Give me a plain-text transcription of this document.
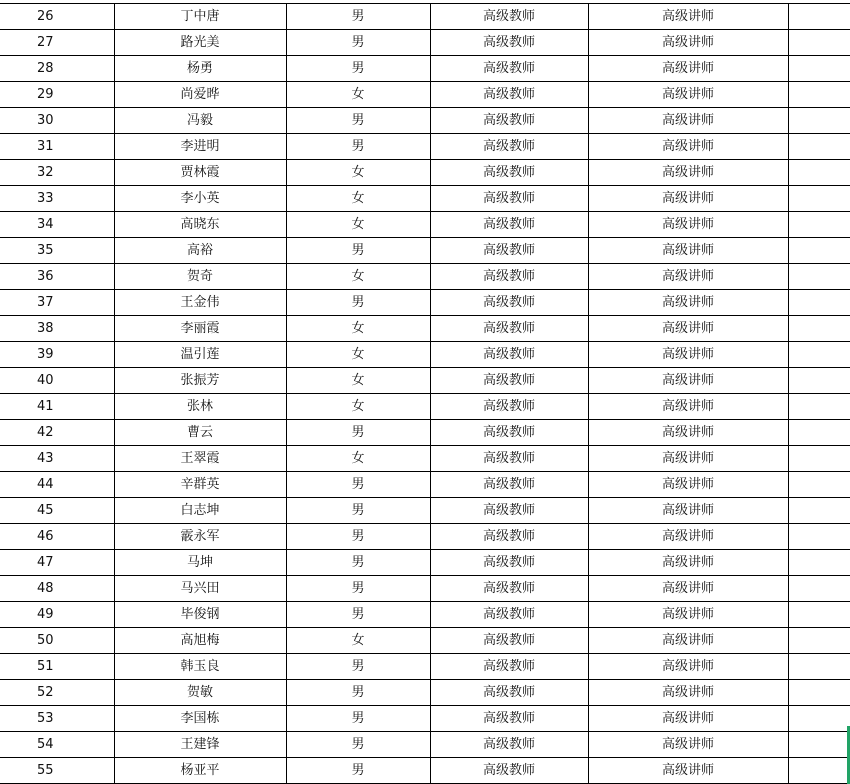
26	丁中唐	男	高级教师	高级讲师	
27	路光美	男	高级教师	高级讲师	
28	杨勇	男	高级教师	高级讲师	
29	尚爱晔	女	高级教师	高级讲师	
30	冯毅	男	高级教师	高级讲师	
31	李进明	男	高级教师	高级讲师	
32	贾林霞	女	高级教师	高级讲师	
33	李小英	女	高级教师	高级讲师	
34	高晓东	女	高级教师	高级讲师	
35	高裕	男	高级教师	高级讲师	
36	贺奇	女	高级教师	高级讲师	
37	王金伟	男	高级教师	高级讲师	
38	李丽霞	女	高级教师	高级讲师	
39	温引莲	女	高级教师	高级讲师	
40	张振芳	女	高级教师	高级讲师	
41	张林	女	高级教师	高级讲师	
42	曹云	男	高级教师	高级讲师	
43	王翠霞	女	高级教师	高级讲师	
44	辛群英	男	高级教师	高级讲师	
45	白志坤	男	高级教师	高级讲师	
46	霰永军	男	高级教师	高级讲师	
47	马坤	男	高级教师	高级讲师	
48	马兴田	男	高级教师	高级讲师	
49	毕俊钢	男	高级教师	高级讲师	
50	高旭梅	女	高级教师	高级讲师	
51	韩玉良	男	高级教师	高级讲师	
52	贺敏	男	高级教师	高级讲师	
53	李国栋	男	高级教师	高级讲师	
54	王建锋	男	高级教师	高级讲师	
55	杨亚平	男	高级教师	高级讲师	
